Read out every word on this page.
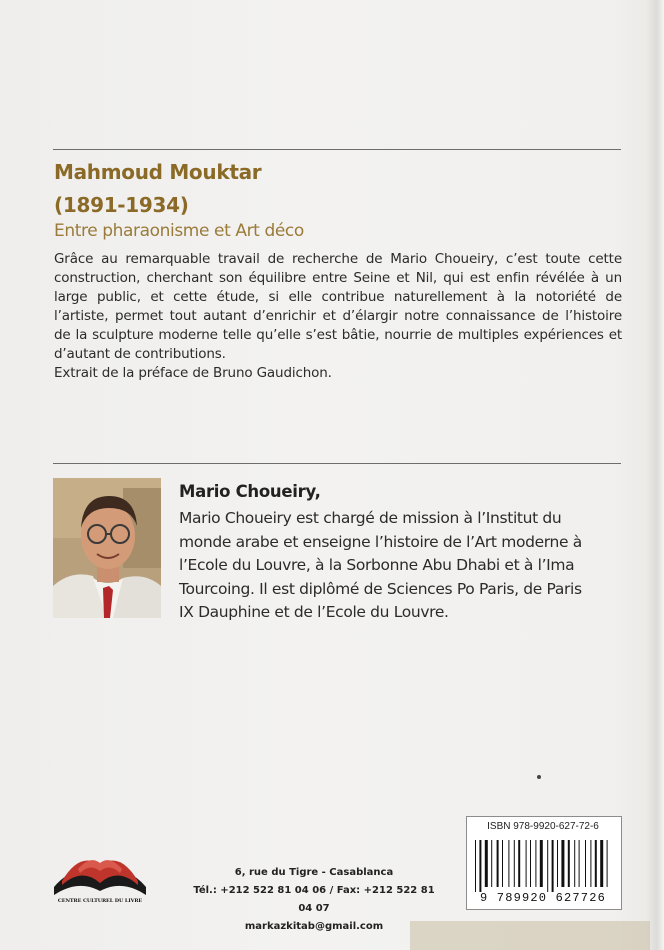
Mahmoud Mouktar
(1891-1934)
Entre pharaonisme et Art déco

Grâce au remarquable travail de recherche de Mario Choueiry, c’est toute cette
construction, cherchant son équilibre entre Seine et Nil, qui est enfin révélée à un
large public, et cette étude, si elle contribue naturellement à la notoriété de
l’artiste, permet tout autant d’enrichir et d’élargir notre connaissance de l’histoire
de la sculpture moderne telle qu’elle s’est bâtie, nourrie de multiples expériences et
d’autant de contributions.
Extrait de la préface de Bruno Gaudichon.

Mario Choueiry,

Mario Choueiry est chargé de mission à l’Institut du
monde arabe et enseigne l’histoire de l’Art moderne à
l’Ecole du Louvre, à la Sorbonne Abu Dhabi et à l’Ima
Tourcoing. Il est diplômé de Sciences Po Paris, de Paris
IX Dauphine et de l’Ecole du Louvre.

CENTRE CULTUREL DU LIVRE
6, rue du Tigre - Casablanca
Tél.: +212 522 81 04 06 / Fax: +212 522 81 04 07
markazkitab@gmail.com
ISBN 978-9920-627-72-6
9 789920 627726
